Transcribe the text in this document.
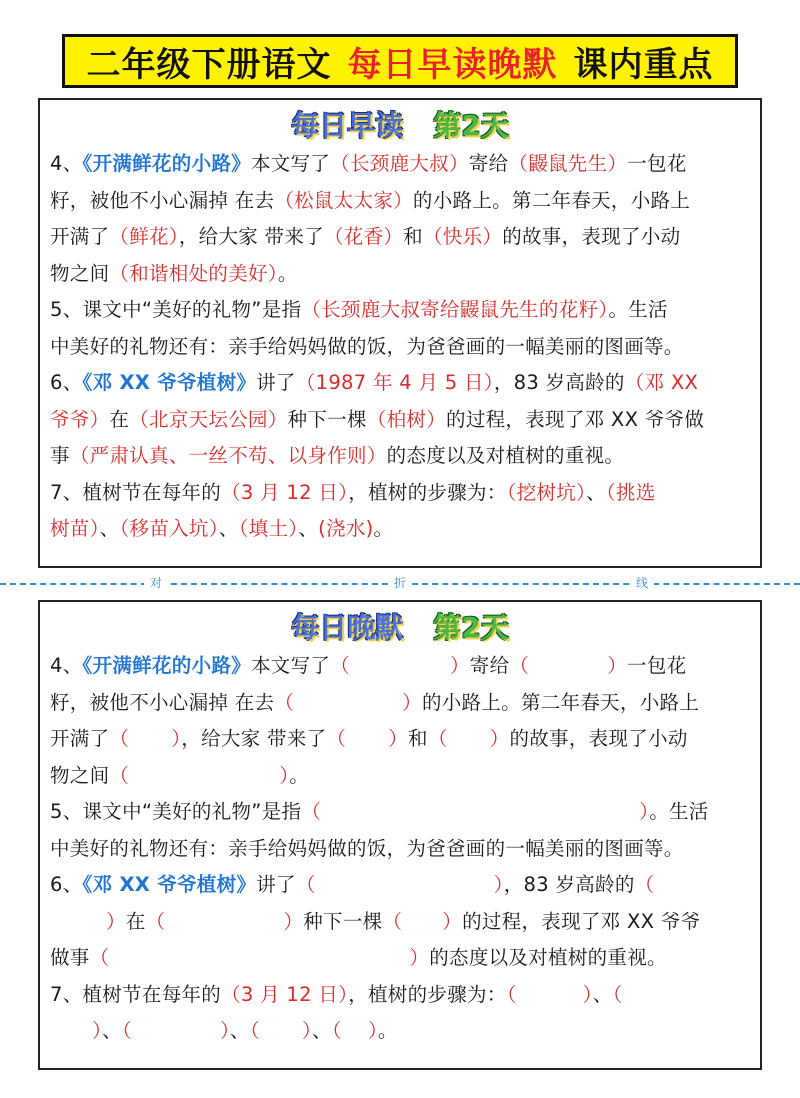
二年级下册语文 每日早读晚默 课内重点
每日早读 第2天
4、《开满鲜花的小路》本文写了（长颈鹿大叔）寄给（鼹鼠先生）一包花
籽，被他不小心漏掉 在去（松鼠太太家）的小路上。第二年春天，小路上
开满了（鲜花），给大家 带来了（花香）和（快乐）的故事，表现了小动
物之间（和谐相处的美好）。
5、课文中“美好的礼物”是指（长颈鹿大叔寄给鼹鼠先生的花籽）。生活
中美好的礼物还有：亲手给妈妈做的饭，为爸爸画的一幅美丽的图画等。
6、《邓 XX 爷爷植树》讲了（1987 年 4 月 5 日），83 岁高龄的（邓 XX
爷爷）在（北京天坛公园）种下一棵（柏树）的过程，表现了邓 XX 爷爷做
事（严肃认真、一丝不苟、以身作则）的态度以及对植树的重视。
7、植树节在每年的（3 月 12 日），植树的步骤为：（挖树坑）、（挑选
树苗）、（移苗入坑）、（填土）、(浇水)。
对	折	线
每日晚默 第2天
4、《开满鲜花的小路》本文写了（	）寄给（	）一包花
籽，被他不小心漏掉 在去（	）的小路上。第二年春天，小路上
开满了（ ），给大家 带来了（ ）和（ ）的故事，表现了小动
物之间（	）。
5、课文中“美好的礼物”是指（	）。生活
中美好的礼物还有：亲手给妈妈做的饭，为爸爸画的一幅美丽的图画等。
6、《邓 XX 爷爷植树》讲了（	），83 岁高龄的（
）在（	）种下一棵（ ）的过程，表现了邓 XX 爷爷
做事（	）的态度以及对植树的重视。
7、植树节在每年的（3 月 12 日），植树的步骤为：（	）、（
）、（	）、（ ）、（ ）。
